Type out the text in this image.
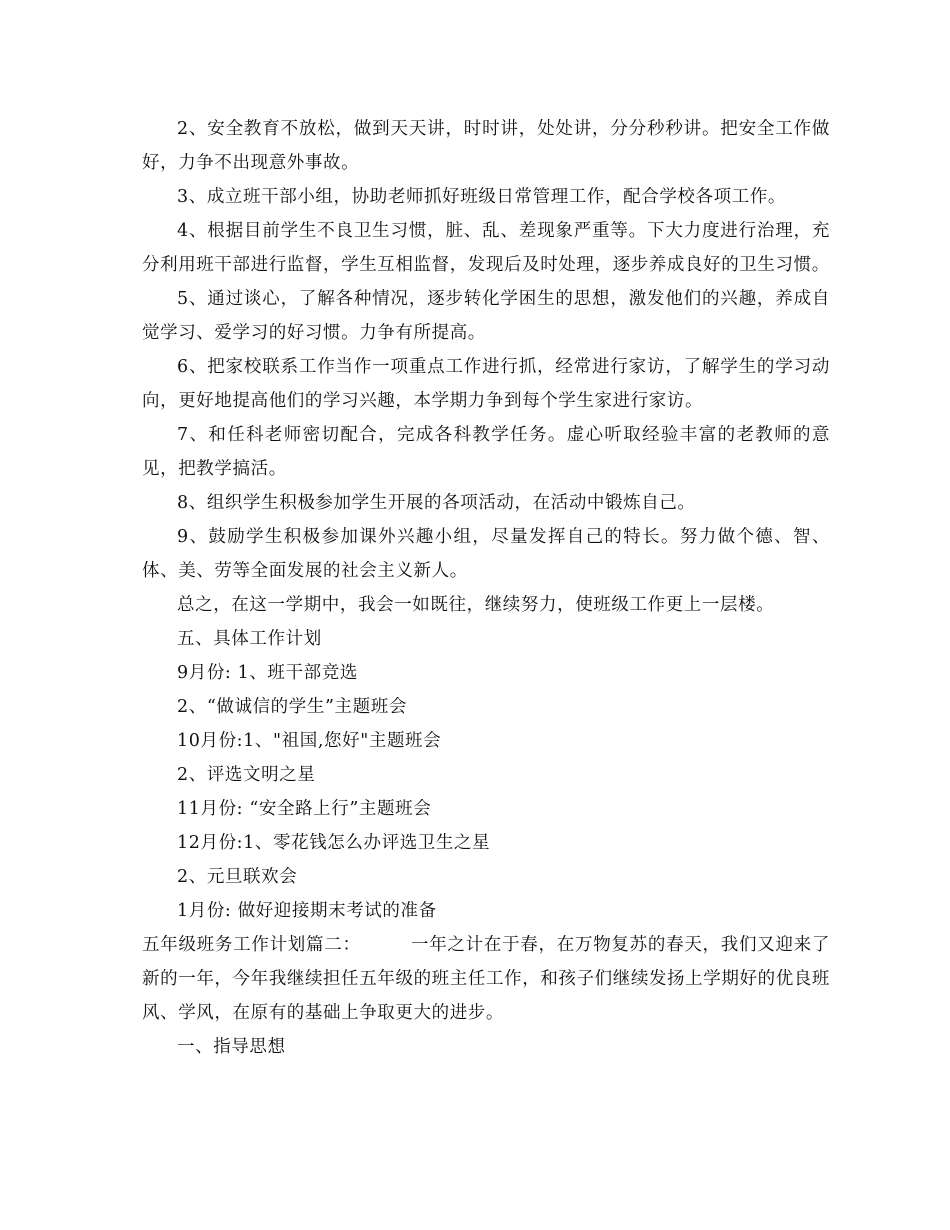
2、安全教育不放松，做到天天讲，时时讲，处处讲，分分秒秒讲。把安全工作做好，力争不出现意外事故。

3、成立班干部小组，协助老师抓好班级日常管理工作，配合学校各项工作。

4、根据目前学生不良卫生习惯，脏、乱、差现象严重等。下大力度进行治理，充分利用班干部进行监督，学生互相监督，发现后及时处理，逐步养成良好的卫生习惯。

5、通过谈心，了解各种情况，逐步转化学困生的思想，激发他们的兴趣，养成自觉学习、爱学习的好习惯。力争有所提高。

6、把家校联系工作当作一项重点工作进行抓，经常进行家访，了解学生的学习动向，更好地提高他们的学习兴趣，本学期力争到每个学生家进行家访。

7、和任科老师密切配合，完成各科教学任务。虚心听取经验丰富的老教师的意见，把教学搞活。

8、组织学生积极参加学生开展的各项活动，在活动中锻炼自己。

9、鼓励学生积极参加课外兴趣小组，尽量发挥自己的特长。努力做个德、智、体、美、劳等全面发展的社会主义新人。

总之，在这一学期中，我会一如既往，继续努力，使班级工作更上一层楼。

五、具体工作计划

9月份: 1、班干部竞选

2、“做诚信的学生”主题班会

10月份:1、"祖国,您好"主题班会

2、评选文明之星

11月份: “安全路上行”主题班会

12月份:1、零花钱怎么办评选卫生之星

2、元旦联欢会

1月份: 做好迎接期末考试的准备

五年级班务工作计划篇二：        一年之计在于春，在万物复苏的春天，我们又迎来了新的一年，今年我继续担任五年级的班主任工作，和孩子们继续发扬上学期好的优良班风、学风，在原有的基础上争取更大的进步。

一、指导思想
